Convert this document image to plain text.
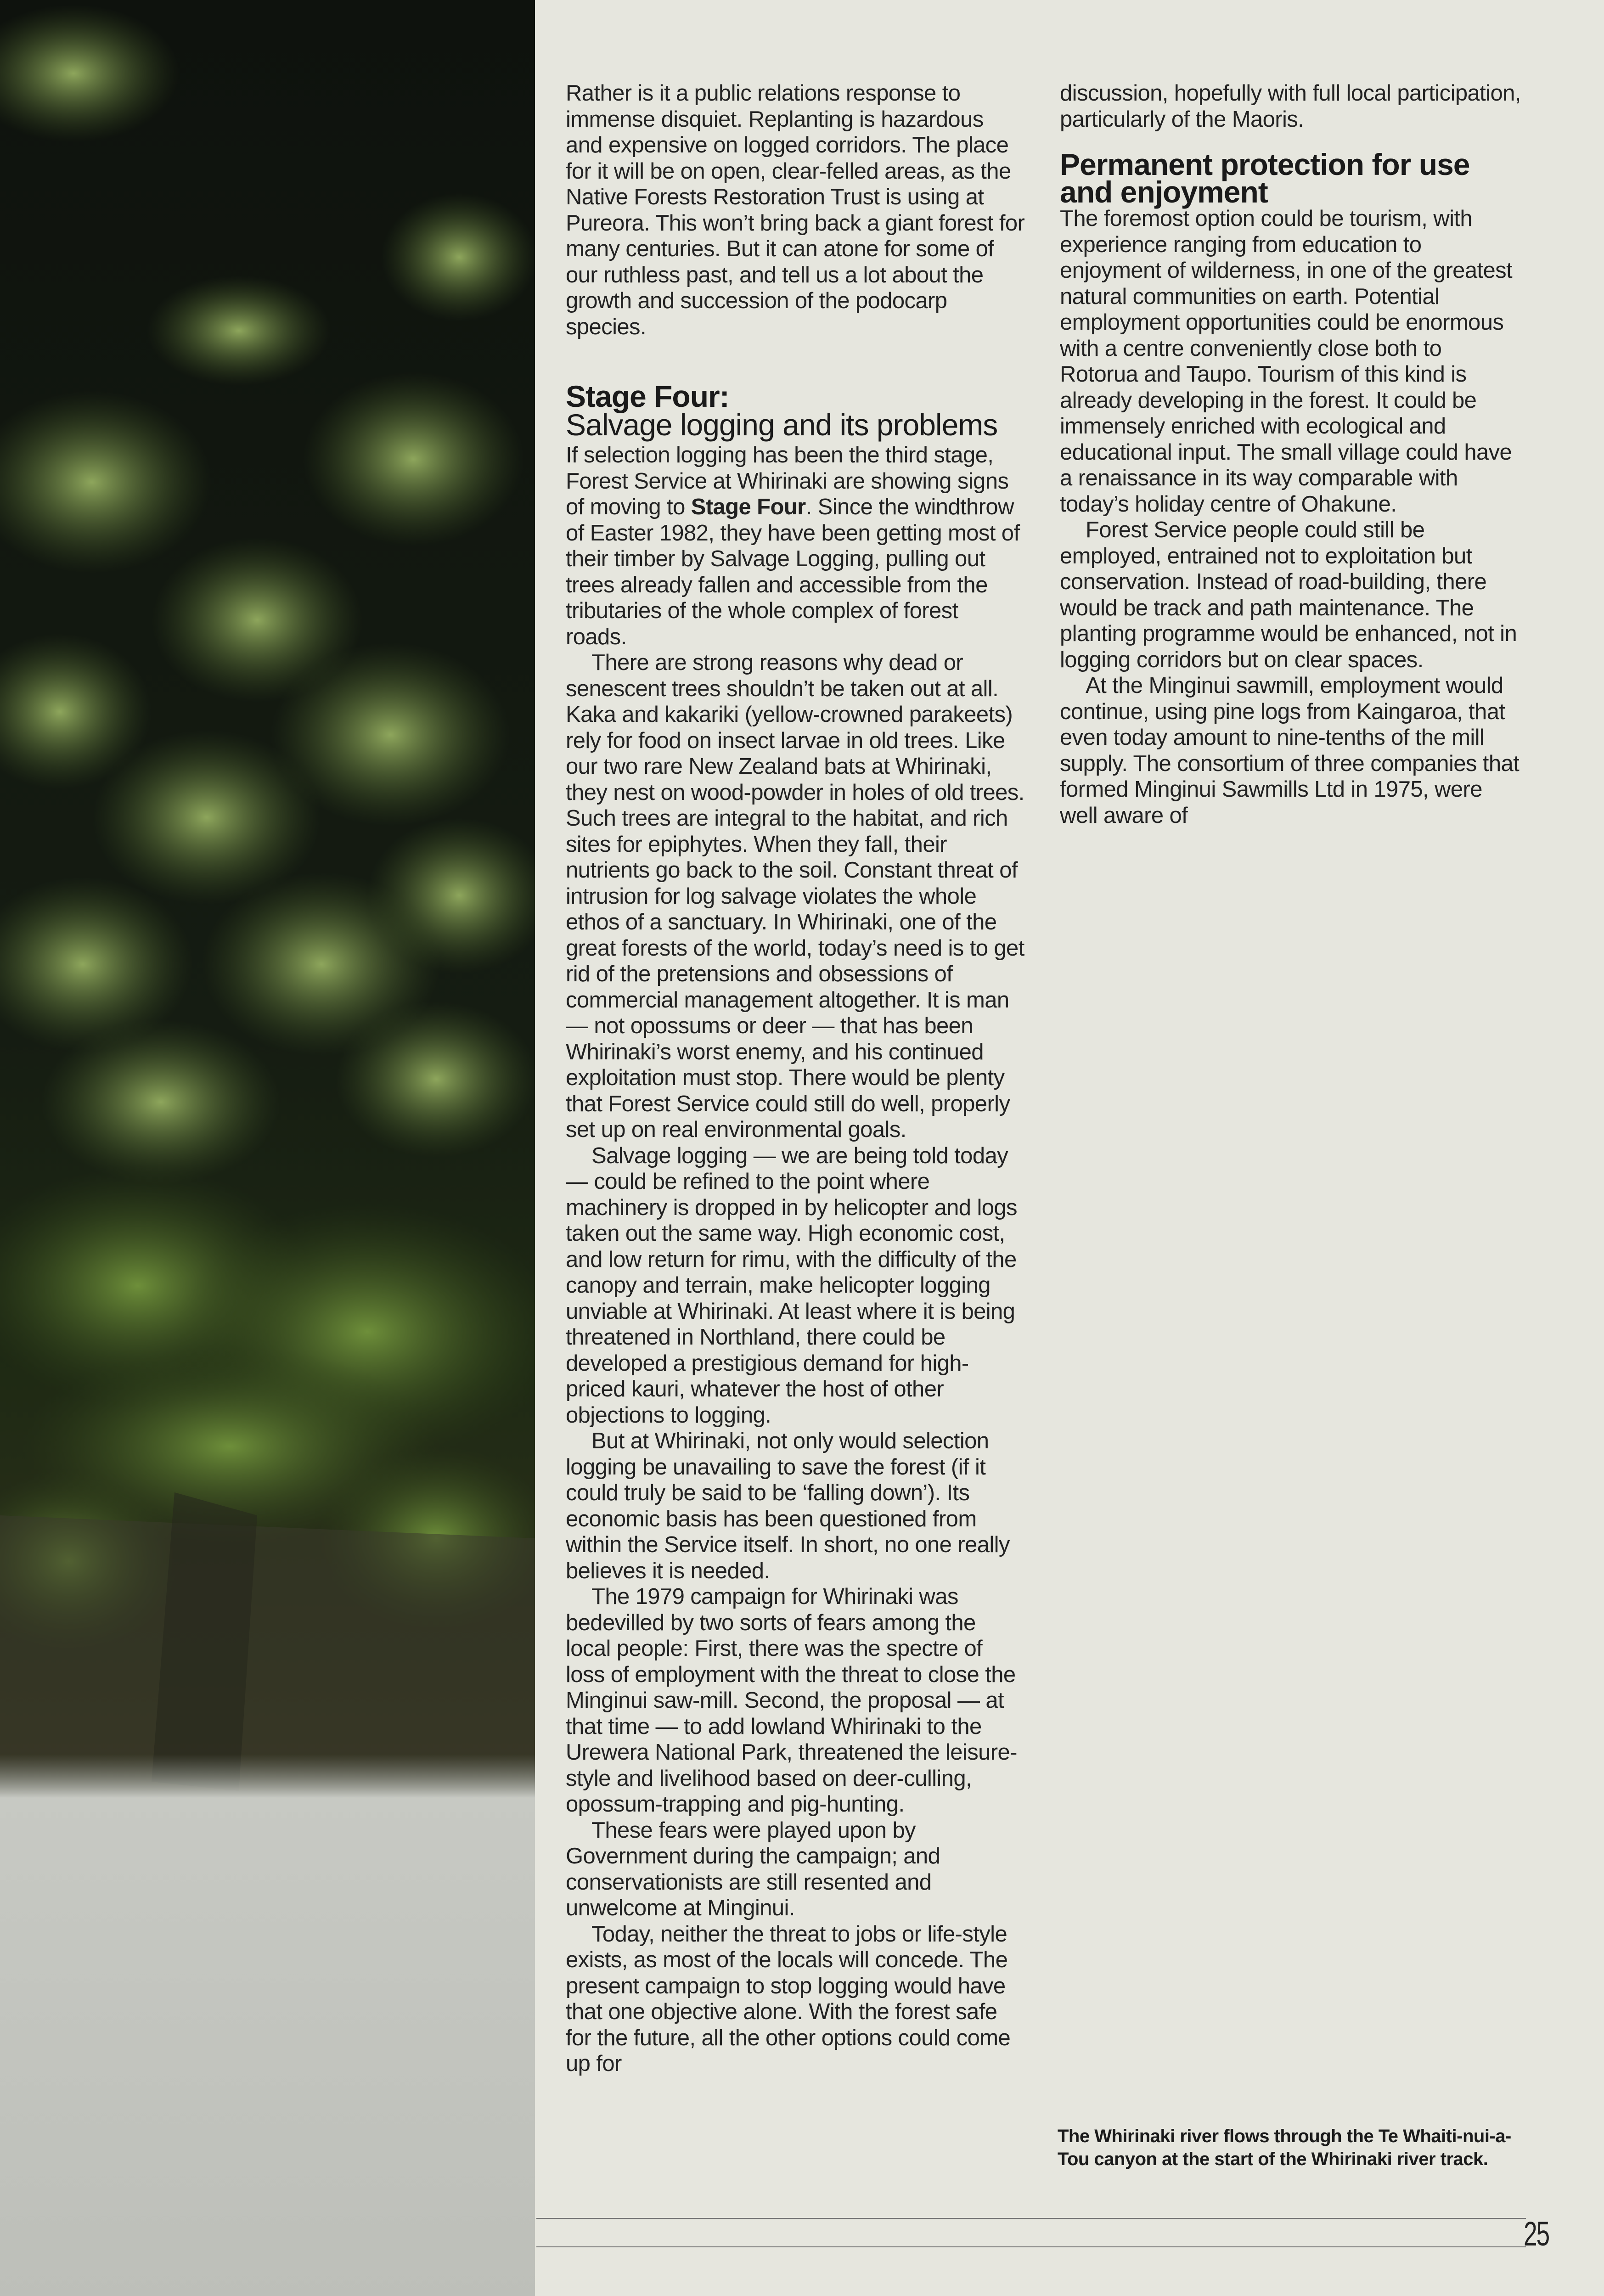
Rather is it a public relations response to immense disquiet. Replanting is hazardous and expensive on logged corridors. The place for it will be on open, clear-felled areas, as the Native Forests Restoration Trust is using at Pureora. This won’t bring back a giant forest for many centuries. But it can atone for some of our ruthless past, and tell us a lot about the growth and succession of the podocarp species.

Stage Four:
Salvage logging and its problems

If selection logging has been the third stage, Forest Service at Whirinaki are showing signs of moving to Stage Four. Since the windthrow of Easter 1982, they have been getting most of their timber by Salvage Logging, pulling out trees already fallen and accessible from the tributaries of the whole complex of forest roads.

There are strong reasons why dead or senescent trees shouldn’t be taken out at all. Kaka and kakariki (yellow-crowned parakeets) rely for food on insect larvae in old trees. Like our two rare New Zealand bats at Whirinaki, they nest on wood-powder in holes of old trees. Such trees are integral to the habitat, and rich sites for epiphytes. When they fall, their nutrients go back to the soil. Constant threat of intrusion for log salvage violates the whole ethos of a sanctuary. In Whirinaki, one of the great forests of the world, today’s need is to get rid of the pretensions and obsessions of commercial management altogether. It is man — not opossums or deer — that has been Whirinaki’s worst enemy, and his continued exploitation must stop. There would be plenty that Forest Service could still do well, properly set up on real environmental goals.

Salvage logging — we are being told today — could be refined to the point where machinery is dropped in by helicopter and logs taken out the same way. High economic cost, and low return for rimu, with the difficulty of the canopy and terrain, make helicopter logging unviable at Whirinaki. At least where it is being threatened in Northland, there could be developed a prestigious demand for high-priced kauri, whatever the host of other objections to logging.

But at Whirinaki, not only would selection logging be unavailing to save the forest (if it could truly be said to be ‘falling down’). Its economic basis has been questioned from within the Service itself. In short, no one really believes it is needed.

The 1979 campaign for Whirinaki was bedevilled by two sorts of fears among the local people: First, there was the spectre of loss of employment with the threat to close the Minginui saw-mill. Second, the proposal — at that time — to add lowland Whirinaki to the Urewera National Park, threatened the leisure-style and livelihood based on deer-culling, opossum-trapping and pig-hunting.

These fears were played upon by Government during the campaign; and conservationists are still resented and unwelcome at Minginui.

Today, neither the threat to jobs or life-style exists, as most of the locals will concede. The present campaign to stop logging would have that one objective alone. With the forest safe for the future, all the other options could come up for

discussion, hopefully with full local participation, particularly of the Maoris.

Permanent protection for use and enjoyment

The foremost option could be tourism, with experience ranging from education to enjoyment of wilderness, in one of the greatest natural communities on earth. Potential employment opportunities could be enormous with a centre conveniently close both to Rotorua and Taupo. Tourism of this kind is already developing in the forest. It could be immensely enriched with ecological and educational input. The small village could have a renaissance in its way comparable with today’s holiday centre of Ohakune.

Forest Service people could still be employed, entrained not to exploitation but conservation. Instead of road-building, there would be track and path maintenance. The planting programme would be enhanced, not in logging corridors but on clear spaces.

At the Minginui sawmill, employment would continue, using pine logs from Kaingaroa, that even today amount to nine-tenths of the mill supply. The consortium of three companies that formed Minginui Sawmills Ltd in 1975, were well aware of

The Whirinaki river flows through the Te Whaiti-nui-a-Tou canyon at the start of the Whirinaki river track.
25
